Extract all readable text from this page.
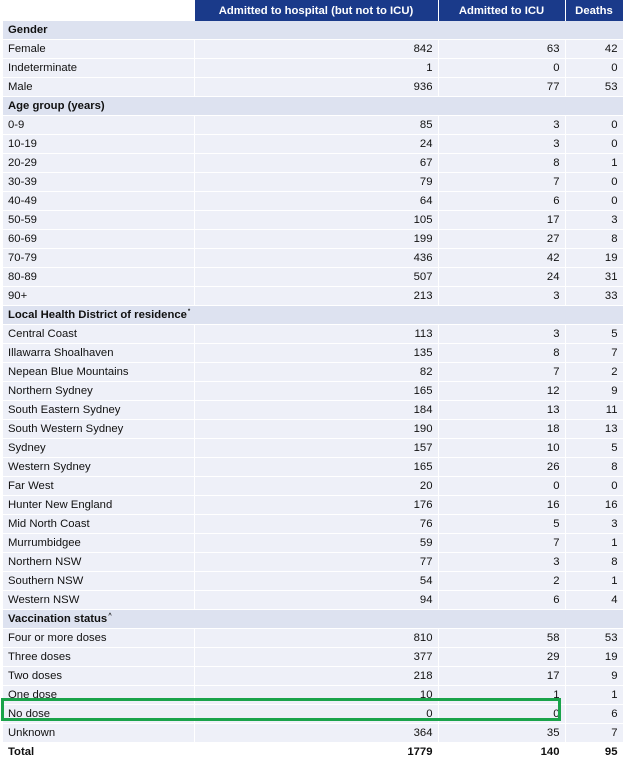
	Admitted to hospital (but not to ICU)	Admitted to ICU	Deaths
Gender			
Female	842	63	42
Indeterminate	1	0	0
Male	936	77	53
Age group (years)			
0-9	85	3	0
10-19	24	3	0
20-29	67	8	1
30-39	79	7	0
40-49	64	6	0
50-59	105	17	3
60-69	199	27	8
70-79	436	42	19
80-89	507	24	31
90+	213	3	33
Local Health District of residence*
Central Coast	113	3	5
Illawarra Shoalhaven	135	8	7
Nepean Blue Mountains	82	7	2
Northern Sydney	165	12	9
South Eastern Sydney	184	13	11
South Western Sydney	190	18	13
Sydney	157	10	5
Western Sydney	165	26	8
Far West	20	0	0
Hunter New England	176	16	16
Mid North Coast	76	5	3
Murrumbidgee	59	7	1
Northern NSW	77	3	8
Southern NSW	54	2	1
Western NSW	94	6	4
Vaccination status^
Four or more doses	810	58	53
Three doses	377	29	19
Two doses	218	17	9
One dose	10	1	1
No dose	0	0	6
Unknown	364	35	7
Total	1779	140	95
